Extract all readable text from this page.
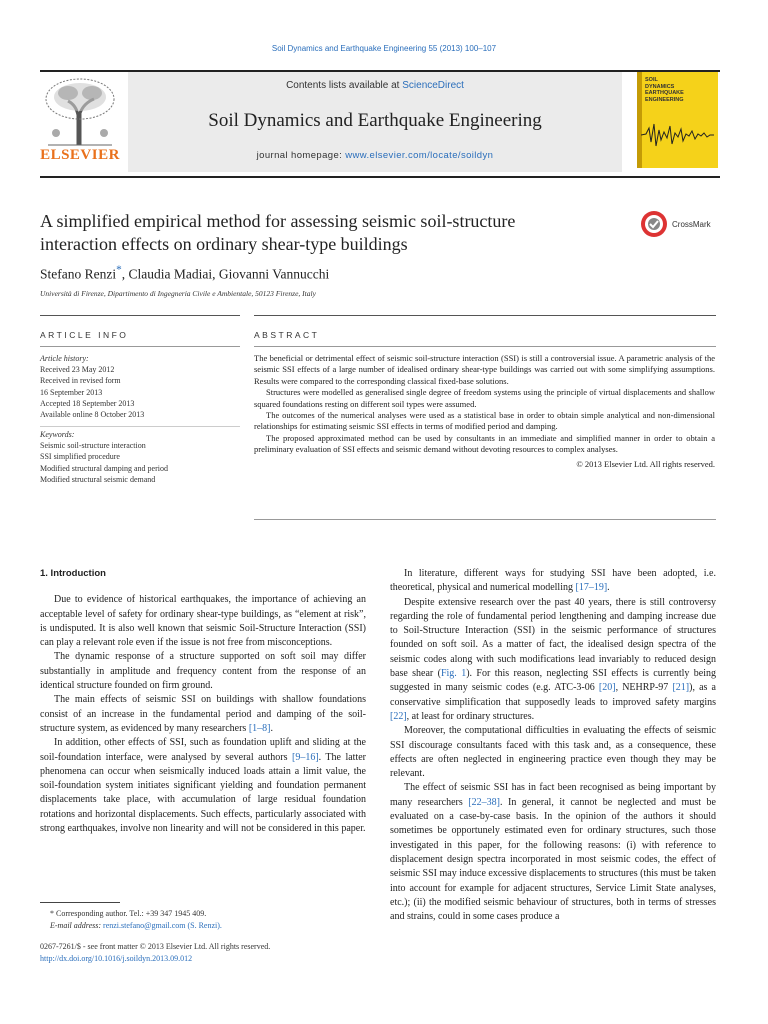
Soil Dynamics and Earthquake Engineering 55 (2013) 100–107
ELSEVIER
Contents lists available at ScienceDirect
Soil Dynamics and Earthquake Engineering
journal homepage: www.elsevier.com/locate/soildyn
SOIL
DYNAMICS
EARTHQUAKE
ENGINEERING
A simplified empirical method for assessing seismic soil-structure
interaction effects on ordinary shear-type buildings
CrossMark
Stefano Renzi*, Claudia Madiai, Giovanni Vannucchi
Università di Firenze, Dipartimento di Ingegneria Civile e Ambientale, 50123 Firenze, Italy
ARTICLE INFO	ABSTRACT
Article history:
Received 23 May 2012
Received in revised form
16 September 2013
Accepted 18 September 2013
Available online 8 October 2013
Keywords:
Seismic soil-structure interaction
SSI simplified procedure
Modified structural damping and period
Modified structural seismic demand

The beneficial or detrimental effect of seismic soil-structure interaction (SSI) is still a controversial issue. A parametric analysis of the seismic SSI effects of a large number of idealised ordinary shear-type buildings was carried out with some simplifying assumptions. Results were compared to the corresponding classical fixed-base solutions.

Structures were modelled as generalised single degree of freedom systems using the principle of virtual displacements and shallow squared foundations resting on different soil types were assumed.

The outcomes of the numerical analyses were used as a statistical base in order to obtain simple analytical and non-dimensional relationships for estimating seismic SSI effects in terms of modified period and damping.

The proposed approximated method can be used by consultants in an immediate and simplified manner in order to obtain a preliminary evaluation of SSI effects and seismic demand without devoting resources to complex analyses.

© 2013 Elsevier Ltd. All rights reserved.
1. Introduction

Due to evidence of historical earthquakes, the importance of achieving an acceptable level of safety for ordinary shear-type buildings, as “element at risk”, is undisputed. It is also well known that seismic Soil-Structure Interaction (SSI) can play a relevant role even if the issue is not free from misconceptions.

The dynamic response of a structure supported on soft soil may differ substantially in amplitude and frequency content from the response of an identical structure founded on firm ground.

The main effects of seismic SSI on buildings with shallow foundations consist of an increase in the fundamental period and damping of the soil-structure system, as evidenced by many researchers [1–8].

In addition, other effects of SSI, such as foundation uplift and sliding at the soil-foundation interface, were analysed by several authors [9–16]. The latter phenomena can occur when seismically induced loads attain a limit value, the soil-foundation system initiates significant yielding and foundation permanent displacements take place, with accumulation of large residual foundation rotations and horizontal displacements. Such effects, particularly associated with strong earthquakes, involve non linearity and will not be considered in this paper.

In literature, different ways for studying SSI have been adopted, i.e. theoretical, physical and numerical modelling [17–19].

Despite extensive research over the past 40 years, there is still controversy regarding the role of fundamental period lengthening and damping increase due to Soil-Structure Interaction (SSI) in the seismic performance of structures founded on soft soil. As a matter of fact, the idealised design spectra of the seismic codes along with such modifications lead invariably to reduced design base shear (Fig. 1). For this reason, neglecting SSI effects is currently being suggested in many seismic codes (e.g. ATC-3-06 [20], NEHRP-97 [21]), as a conservative simplification that supposedly leads to improved safety margins [22], at least for ordinary structures.

Moreover, the computational difficulties in evaluating the effects of seismic SSI discourage consultants faced with this task and, as a consequence, these effects are often neglected in engineering practice even though they may be relevant.

The effect of seismic SSI has in fact been recognised as being important by many researchers [22–38]. In general, it cannot be neglected and must be evaluated on a case-by-case basis. In the opinion of the authors it should sometimes be opportunely estimated even for ordinary structures, such those investigated in this paper, for the following reasons: (i) with reference to displacement design spectra incorporated in most seismic codes, the effect of seismic SSI may induce excessive displacements to structures (this must be taken into account for example for adjacent structures, Service Limit State analyses, etc.); (ii) the modified seismic behaviour of structures, both in terms of stresses and strains, could in some cases produce a

* Corresponding author. Tel.: +39 347 1945 409.
E-mail address: renzi.stefano@gmail.com (S. Renzi).
0267-7261/$ - see front matter © 2013 Elsevier Ltd. All rights reserved.
http://dx.doi.org/10.1016/j.soildyn.2013.09.012
